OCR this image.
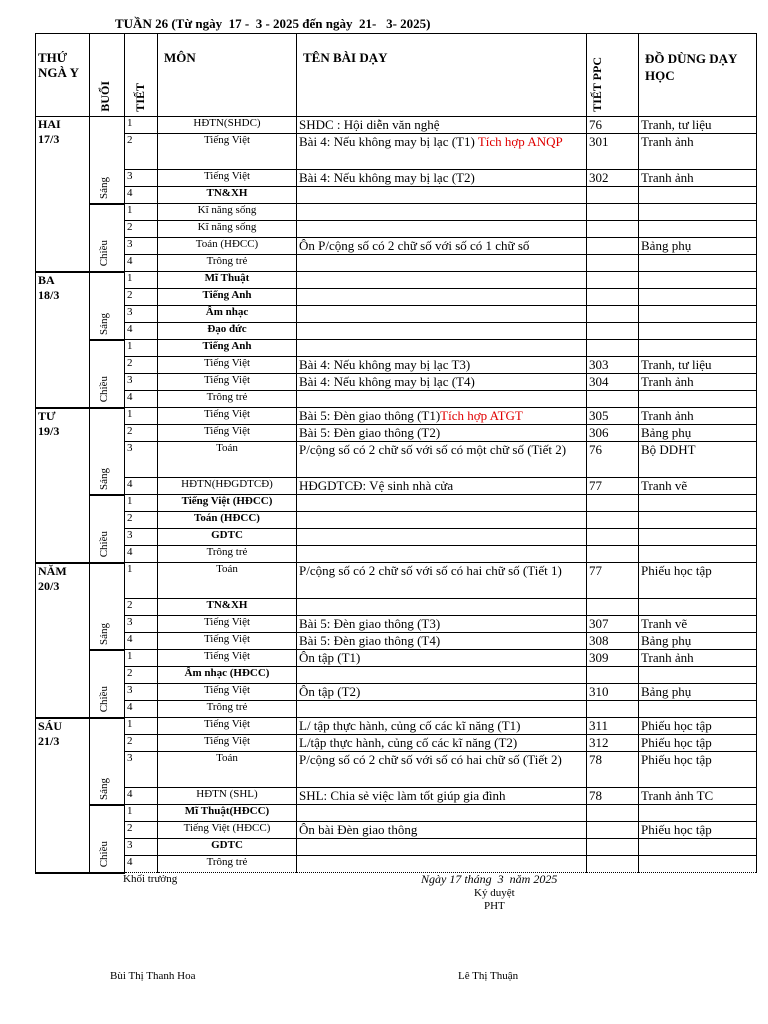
TUẦN 26 (Từ ngày  17 -  3 - 2025 đến ngày  21-   3- 2025)
THỨ NGÀ Y	BUỔI	TIẾT	MÔN	TÊN BÀI DẠY	TIẾT PPC	ĐỒ DÙNG DẠY HỌC

HAI
17/3	Sáng	1	HĐTN(SHDC)	SHDC : Hội diễn văn nghệ	76	Tranh, tư liệu
		2	Tiếng Việt	Bài 4: Nếu không may bị lạc (T1) Tích hợp ANQP	301	Tranh ảnh
		3	Tiếng Việt	Bài 4: Nếu không may bị lạc (T2)	302	Tranh ảnh
		4	TN&XH			

	Chiều	1	Kĩ năng sống			
		2	Kĩ năng sống			
		3	Toán (HĐCC)	Ôn P/cộng số có 2 chữ số với số có 1 chữ số		Bảng phụ
		4	Trông trẻ			

BA
18/3	Sáng	1	Mĩ Thuật			
		2	Tiếng Anh			
		3	Âm nhạc			
		4	Đạo đức			

	Chiều	1	Tiếng Anh			
		2	Tiếng Việt	Bài 4: Nếu không may bị lạc T3)	303	Tranh, tư liệu
		3	Tiếng Việt	Bài 4: Nếu không may bị lạc (T4)	304	Tranh ảnh
		4	Trông trẻ			

TƯ
19/3	Sáng	1	Tiếng Việt	Bài 5: Đèn giao thông (T1)Tích hợp ATGT	305	Tranh ảnh
		2	Tiếng Việt	Bài 5: Đèn giao thông (T2)	306	Bảng phụ
		3	Toán	P/cộng số có 2 chữ số với số có một chữ số (Tiết 2)	76	Bộ DDHT
		4	HĐTN(HĐGDTCĐ)	HĐGDTCĐ: Vệ sinh nhà cửa	77	Tranh vẽ

	Chiều	1	Tiếng Việt (HĐCC)			
		2	Toán (HĐCC)			
		3	GDTC			
		4	Trông trẻ			

NĂM
20/3	Sáng	1	Toán	P/cộng số có 2 chữ số với số có hai chữ số (Tiết 1)	77	Phiếu học tập
		2	TN&XH			
		3	Tiếng Việt	Bài 5: Đèn giao thông (T3)	307	Tranh vẽ
		4	Tiếng Việt	Bài 5: Đèn giao thông (T4)	308	Bảng phụ

	Chiều	1	Tiếng Việt	Ôn tập (T1)	309	Tranh ảnh
		2	Âm nhạc (HĐCC)			
		3	Tiếng Việt	Ôn tập (T2)	310	Bảng phụ
		4	Trông trẻ			

SÁU
21/3	Sáng	1	Tiếng Việt	L/ tập thực hành, củng cố các kĩ năng (T1)	311	Phiếu học tập
		2	Tiếng Việt	L/tập thực hành, củng cố các kĩ năng (T2)	312	Phiếu học tập
		3	Toán	P/cộng số có 2 chữ số với số có hai chữ số (Tiết 2)	78	Phiếu học tập
		4	HĐTN (SHL)	SHL: Chia sẻ việc làm tốt giúp gia đình	78	Tranh ảnh TC

	Chiều	1	Mĩ Thuật(HĐCC)			
		2	Tiếng Việt (HĐCC)	Ôn bài Đèn giao thông		Phiếu học tập
		3	GDTC			
		4	Trông trẻ			
Khối trưởng	Ngày 17 tháng  3  năm 2025
Ký duyệt
PHT
Bùi Thị Thanh Hoa	Lê Thị Thuận
